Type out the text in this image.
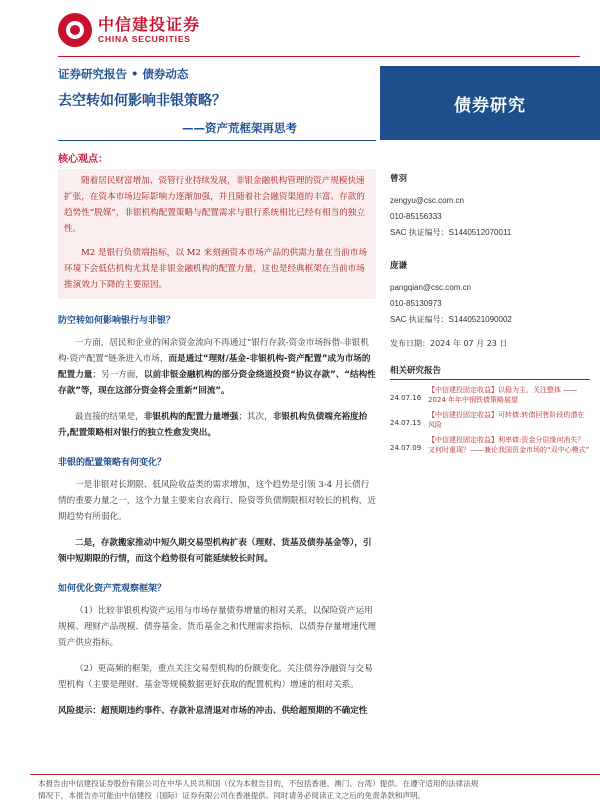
中信建投证券
CHINA SECURITIES
证券研究报告 • 债券动态
去空转如何影响非银策略？
——资产荒框架再思考
债券研究
核心观点：

随着居民财富增加、资管行业持续发展，非银金融机构管理的资产规模快速扩张，在资本市场边际影响力逐渐加强，并且随着社会融资渠道的丰富、存款的趋势性“脱媒”，非银机构配置策略与配置需求与银行系统相比已经有相当的独立性。

M2 是银行负债端指标，以 M2 来刻画资本市场产品的供需力量在当前市场环境下会低估机构尤其是非银金融机构的配置力量，这也是经典框架在当前市场推演效力下降的主要原因。

防空转如何影响银行与非银？

一方面，居民和企业的闲余资金流向不再通过“银行存款-资金市场拆借-非银机构-资产配置”链条进入市场，而是通过“理财/基金-非银机构-资产配置”成为市场的配置力量；另一方面，以前非银金融机构的部分资金绕道投资“协议存款”、“结构性存款”等，现在这部分资金将会重新“回流”。

最直接的结果是，非银机构的配置力量增强；其次，非银机构负债端充裕度抬升,配置策略相对银行的独立性愈发突出。

非银的配置策略有何变化？

一是非银对长期限、低风险收益类的需求增加，这个趋势是引领 3-4 月长债行情的重要力量之一，这个力量主要来自农商行、险资等负债期限相对较长的机构，近期趋势有所弱化。

二是，存款搬家推动中短久期交易型机构扩表（理财、货基及债券基金等），引领中短期限的行情，而这个趋势很有可能延续较长时间。

如何优化资产荒观察框架？

（1）比较非银机构资产运用与市场存量债券增量的相对关系，以保险资产运用规模、理财产品规模、债券基金、货币基金之和代理需求指标，以债券存量增速代理资产供应指标。

（2）更高频的框架，重点关注交易型机构的份额变化。关注债券净融资与交易型机构（主要是理财、基金等规模数据更好获取的配置机构）增速的相对关系。

风险提示：超预期违约事件、存款补息清退对市场的冲击、供给超预期的不确定性
曾羽
zengyu@csc.com.cn
010-85156333
SAC 执证编号：S1440512070011
庞谦
pangqian@csc.com.cn
010-85130973
SAC 执证编号：S1440521090002
发布日期：2024 年 07 月 23 日
相关研究报告
24.07.16
【中信建投固定收益】以稳为主，关注整体 ——2024 年年中钢铁债策略展望
24.07.15
【中信建投固定收益】可转债:转债回售阶段的潜在风险
24.07.09
【中信建投固定收益】利率债:资金分层缘何消失？又何时重现？——兼论我国资金市场的“双中心模式”
本报告由中信建投证券股份有限公司在中华人民共和国（仅为本报告目的，不包括香港、澳门、台湾）提供。在遵守适用的法律法规
情况下，本报告亦可能由中信建投（国际）证券有限公司在香港提供。同时请务必阅读正文之后的免责条款和声明。
